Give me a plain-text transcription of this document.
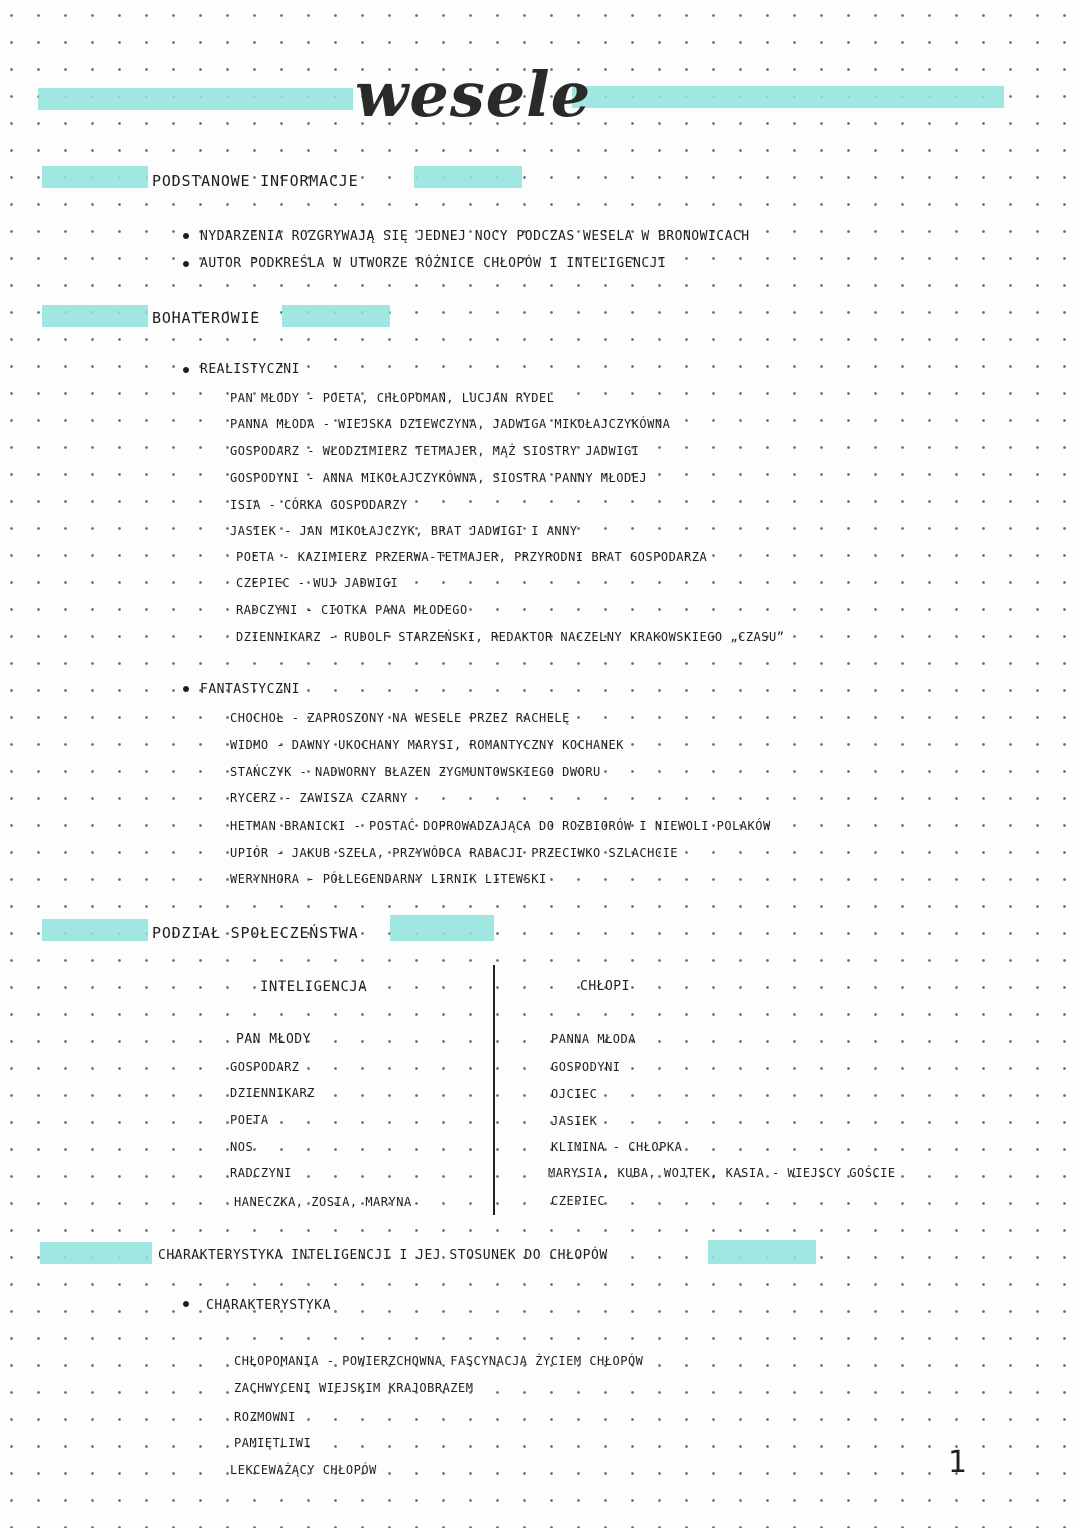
wesele
PODSTANOWE INFORMACJE
NYDARZENIA ROZGRYWAJĄ SIĘ JEDNEJ NOCY PODCZAS WESELA W BRONOWICACH
AUTOR PODKREŚLA W UTWORZE RÓŻNICE CHŁOPÓW I INTELIGENCJI
BOHATEROWIE
REALISTYCZNI
PAN MŁODY - POETA, CHŁOPOMAN, LUCJAN RYDEL
PANNA MŁODA - WIEJSKA DZIEWCZYNA, JADWIGA MIKOŁAJCZYKÓWNA
GOSPODARZ - WŁODZIMIERZ TETMAJER, MĄŻ SIOSTRY JADWIGI
GOSPODYNI - ANNA MIKOŁAJCZYKÓWNA, SIOSTRA PANNY MŁODEJ
ISIA - CÓRKA GOSPODARZY
JASIEK - JAN MIKOŁAJCZYK, BRAT JADWIGI I ANNY
POETA - KAZIMIERZ PRZERWA-TETMAJER, PRZYRODNI BRAT GOSPODARZA
CZEPIEC - WUJ JADWIGI
RADCZYNI - CIOTKA PANA MŁODEGO
DZIENNIKARZ - RUDOLF STARZEŃSKI, REDAKTOR NACZELNY KRAKOWSKIEGO „CZASU”
FANTASTYCZNI
CHOCHOŁ - ZAPROSZONY NA WESELE PRZEZ RACHELĘ
WIDMO - DAWNY UKOCHANY MARYSI, ROMANTYCZNY KOCHANEK
STAŃCZYK - NADWORNY BŁAZEN ZYGMUNTOWSKIEGO DWORU
RYCERZ - ZAWISZA CZARNY
HETMAN BRANICKI - POSTAĆ DOPROWADZAJĄCA DO ROZBIORÓW I NIEWOLI POLAKÓW
UPIÓR - JAKUB SZELA, PRZYWÓDCA RABACJI PRZECIWKO SZLACHCIE
WERYNHORA - PÓŁLEGENDARNY LIRNIK LITEWSKI
PODZIAŁ SPOŁECZEŃSTWA
INTELIGENCJA	CHŁOPI
PAN MŁODY
GOSPODARZ
DZIENNIKARZ
POETA
NOS
RADCZYNI
HANECZKA, ZOSIA, MARYNA
PANNA MŁODA
GOSPODYNI
OJCIEC
JASIEK
KLIMINA - CHŁOPKA
MARYSIA, KUBA, WOJTEK, KASIA - WIEJSCY GOŚCIE
CZEPIEC
CHARAKTERYSTYKA INTELIGENCJI I JEJ STOSUNEK DO CHŁOPÓW
CHARAKTERYSTYKA
CHŁOPOMANIA - POWIERZCHOWNA FASCYNACJA ŻYCIEM CHŁOPÓW
ZACHWYCENI WIEJSKIM KRAJOBRAZEM
ROZMOWNI
PAMIĘTLIWI
LEKCEWAŻĄCY CHŁOPÓW	1
